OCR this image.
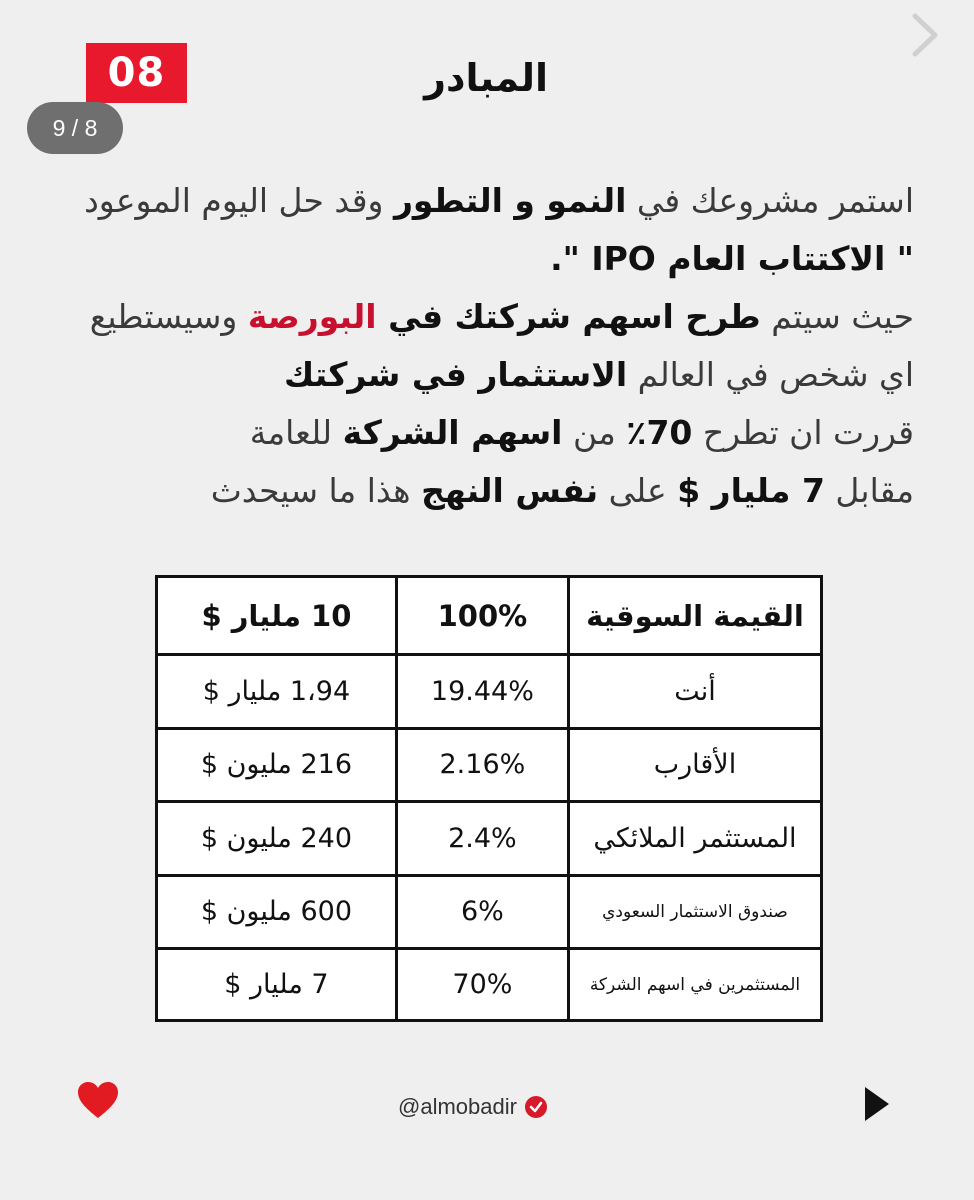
08	المبادر
9 / 8
استمر مشروعك في النمو و التطور وقد حل اليوم الموعود
" الاكتتاب العام IPO ".
حيث سيتم طرح اسهم شركتك في البورصة وسيستطيع
اي شخص في العالم الاستثمار في شركتك
قررت ان تطرح 70٪ من اسهم الشركة للعامة
مقابل 7 مليار $ على نفس النهج هذا ما سيحدث
القيمة السوقية	100%	10 مليار $
أنت	19.44%	1،94 مليار $
الأقارب	2.16%	216 مليون $
المستثمر الملائكي	2.4%	240 مليون $
صندوق الاستثمار السعودي	6%	600 مليون $
المستثمرين في اسهم الشركة	70%	7 مليار $
@almobadir
